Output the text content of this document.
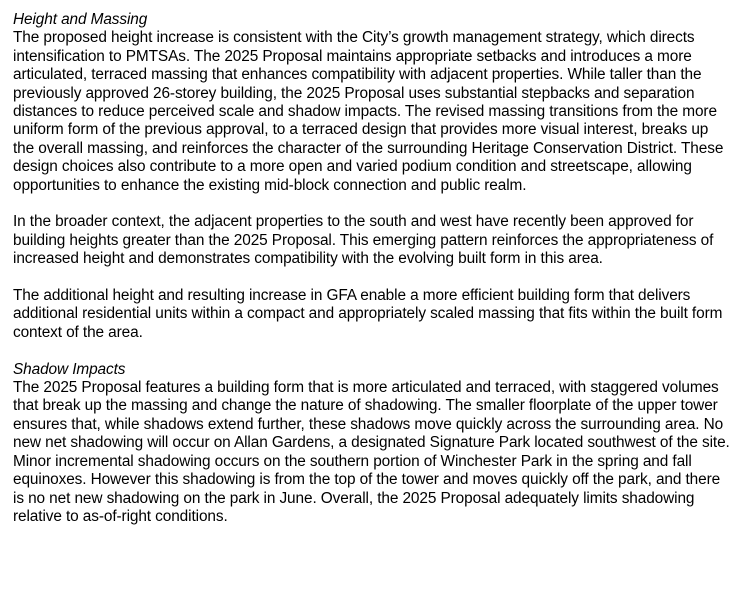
Height and Massing

The proposed height increase is consistent with the City’s growth management strategy, which directs intensification to PMTSAs. The 2025 Proposal maintains appropriate setbacks and introduces a more articulated, terraced massing that enhances compatibility with adjacent properties. While taller than the previously approved 26-storey building, the 2025 Proposal uses substantial stepbacks and separation distances to reduce perceived scale and shadow impacts. The revised massing transitions from the more uniform form of the previous approval, to a terraced design that provides more visual interest, breaks up the overall massing, and reinforces the character of the surrounding Heritage Conservation District. These design choices also contribute to a more open and varied podium condition and streetscape, allowing opportunities to enhance the existing mid-block connection and public realm.

In the broader context, the adjacent properties to the south and west have recently been approved for building heights greater than the 2025 Proposal. This emerging pattern reinforces the appropriateness of increased height and demonstrates compatibility with the evolving built form in this area.

The additional height and resulting increase in GFA enable a more efficient building form that delivers additional residential units within a compact and appropriately scaled massing that fits within the built form context of the area.

Shadow Impacts

The 2025 Proposal features a building form that is more articulated and terraced, with staggered volumes that break up the massing and change the nature of shadowing. The smaller floorplate of the upper tower ensures that, while shadows extend further, these shadows move quickly across the surrounding area. No new net shadowing will occur on Allan Gardens, a designated Signature Park located southwest of the site. Minor incremental shadowing occurs on the southern portion of Winchester Park in the spring and fall equinoxes. However this shadowing is from the top of the tower and moves quickly off the park, and there is no net new shadowing on the park in June. Overall, the 2025 Proposal adequately limits shadowing relative to as-of-right conditions.
